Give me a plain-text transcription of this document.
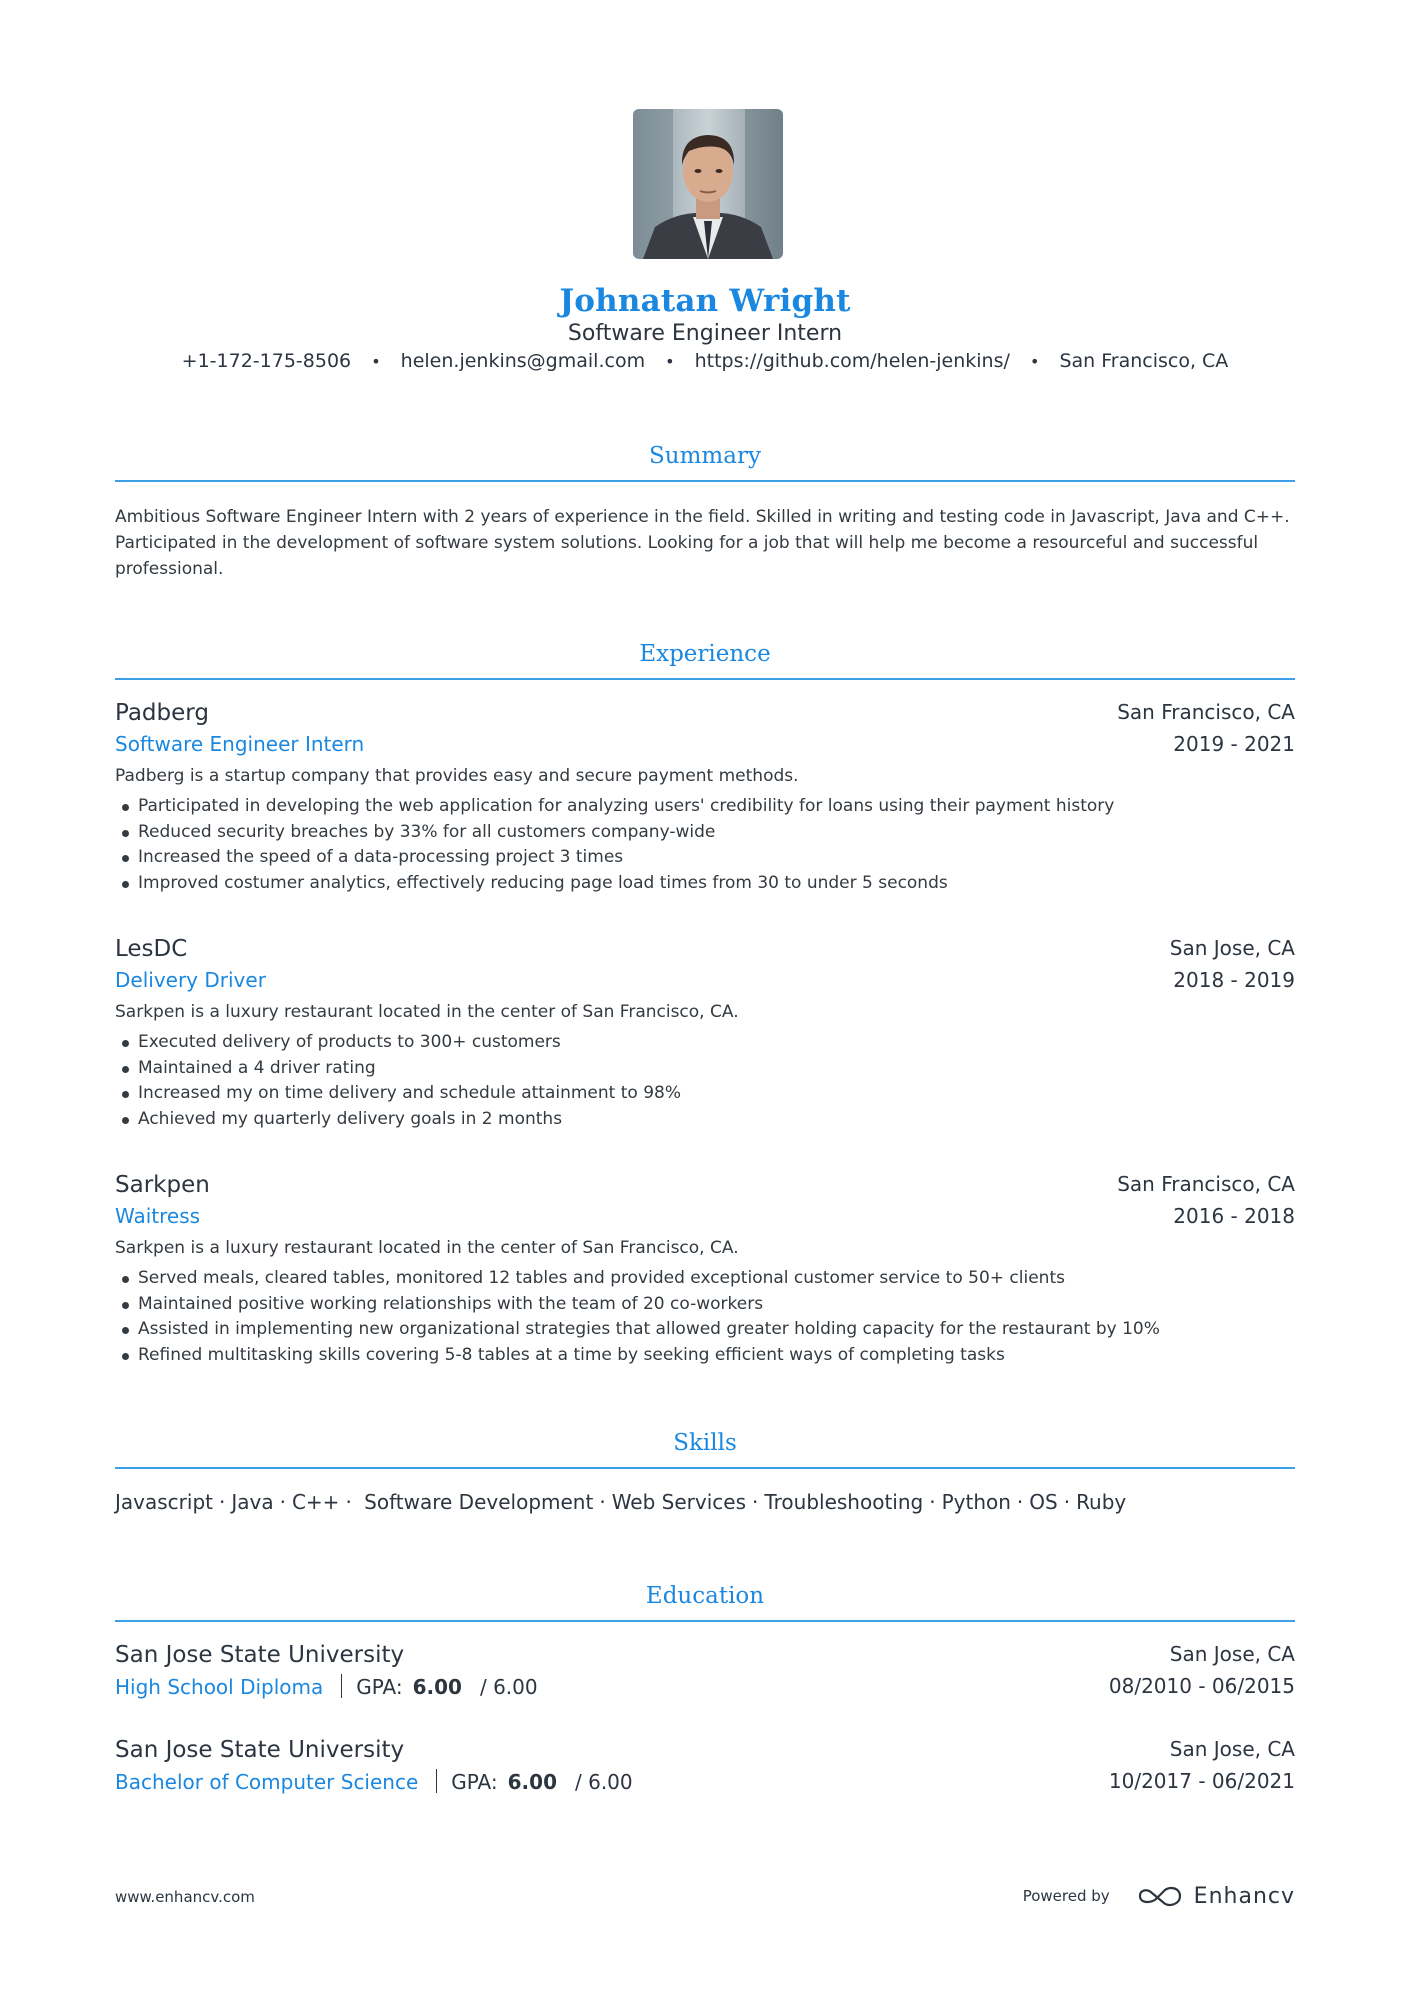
Johnatan Wright
Software Engineer Intern
+1-172-175-8506 • helen.jenkins@gmail.com • https://github.com/helen-jenkins/ • San Francisco, CA
Summary
Ambitious Software Engineer Intern with 2 years of experience in the field. Skilled in writing and testing code in Javascript, Java and C++. Participated in the development of software system solutions. Looking for a job that will help me become a resourceful and successful professional.
Experience
Padberg	San Francisco, CA
Software Engineer Intern	2019 - 2021
Padberg is a startup company that provides easy and secure payment methods.
Participated in developing the web application for analyzing users' credibility for loans using their payment history
Reduced security breaches by 33% for all customers company-wide
Increased the speed of a data-processing project 3 times
Improved costumer analytics, effectively reducing page load times from 30 to under 5 seconds
LesDC	San Jose, CA
Delivery Driver	2018 - 2019
Sarkpen is a luxury restaurant located in the center of San Francisco, CA.
Executed delivery of products to 300+ customers
Maintained a 4 driver rating
Increased my on time delivery and schedule attainment to 98%
Achieved my quarterly delivery goals in 2 months
Sarkpen	San Francisco, CA
Waitress	2016 - 2018
Sarkpen is a luxury restaurant located in the center of San Francisco, CA.
Served meals, cleared tables, monitored 12 tables and provided exceptional customer service to 50+ clients
Maintained positive working relationships with the team of 20 co-workers
Assisted in implementing new organizational strategies that allowed greater holding capacity for the restaurant by 10%
Refined multitasking skills covering 5-8 tables at a time by seeking efficient ways of completing tasks
Skills
Javascript · Java · C++ · Software Development · Web Services · Troubleshooting · Python · OS · Ruby
Education
San Jose State University	San Jose, CA
High School Diploma GPA: 6.00 / 6.00	08/2010 - 06/2015
San Jose State University	San Jose, CA
Bachelor of Computer Science GPA: 6.00 / 6.00	10/2017 - 06/2021
www.enhancv.com	Powered by	Enhancv
